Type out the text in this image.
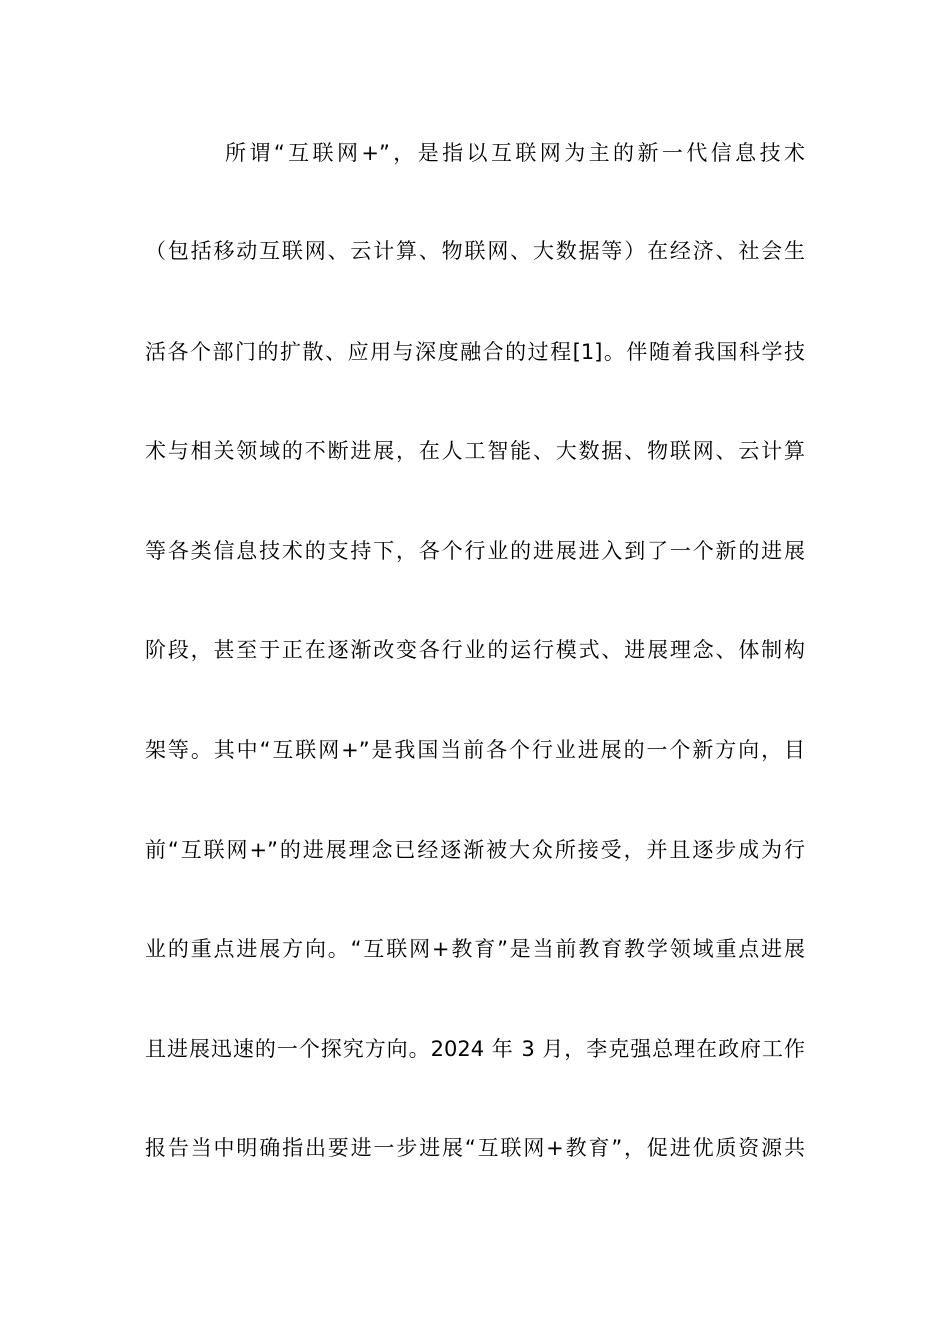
所谓“互联网+”，是指以互联网为主的新一代信息技术
（包括移动互联网、云计算、物联网、大数据等）在经济、社会生
活各个部门的扩散、应用与深度融合的过程[1]。伴随着我国科学技
术与相关领域的不断进展，在人工智能、大数据、物联网、云计算
等各类信息技术的支持下，各个行业的进展进入到了一个新的进展
阶段，甚至于正在逐渐改变各行业的运行模式、进展理念、体制构
架等。其中“互联网+”是我国当前各个行业进展的一个新方向，目
前“互联网+”的进展理念已经逐渐被大众所接受，并且逐步成为行
业的重点进展方向。“互联网+教育”是当前教育教学领域重点进展
且进展迅速的一个探究方向。2024 年 3 月，李克强总理在政府工作
报告当中明确指出要进一步进展“互联网+教育”，促进优质资源共
